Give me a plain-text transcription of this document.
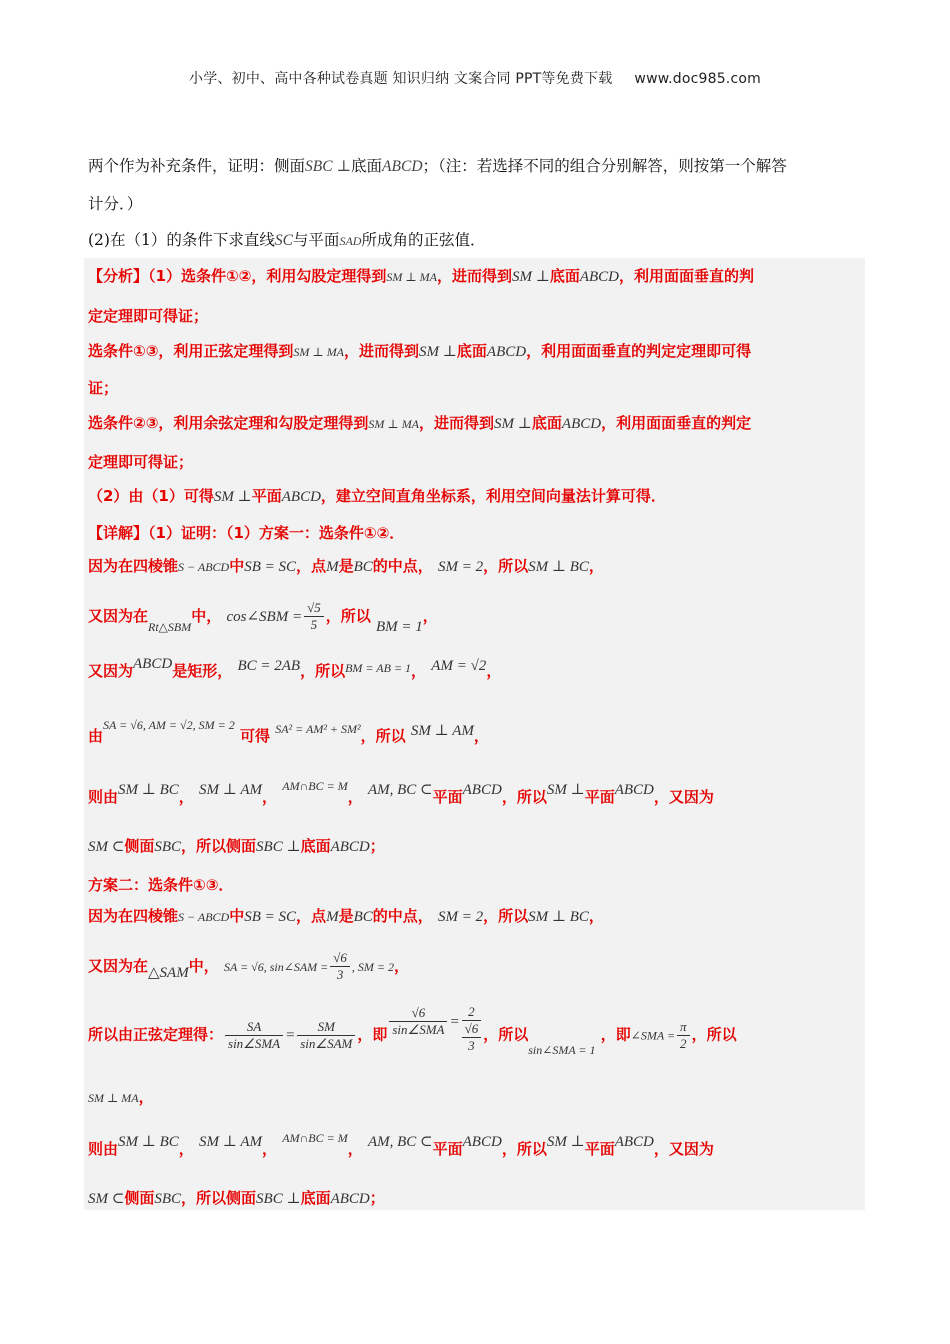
小学、初中、高中各种试卷真题 知识归纳 文案合同 PPT等免费下载 www.doc985.com
两个作为补充条件，证明：侧面SBC ⊥底面ABCD；（注：若选择不同的组合分别解答，则按第一个解答
计分．）
(2)在（1）的条件下求直线SC与平面SAD所成角的正弦值．
【分析】（1）选条件①②，利用勾股定理得到SM ⊥ MA，进而得到SM ⊥底面ABCD，利用面面垂直的判
定定理即可得证；
选条件①③，利用正弦定理得到SM ⊥ MA，进而得到SM ⊥底面ABCD，利用面面垂直的判定定理即可得
证；
选条件②③，利用余弦定理和勾股定理得到SM ⊥ MA，进而得到SM ⊥底面ABCD，利用面面垂直的判定
定理即可得证；
（2）由（1）可得SM ⊥平面ABCD，建立空间直角坐标系，利用空间向量法计算可得．
【详解】（1）证明：（1）方案一：选条件①②．
因为在四棱锥S − ABCD中SB = SC，点M是BC的中点， SM = 2，所以SM ⊥ BC，
又因为在$_{Rt\triangle SBM}$中， cos∠SBM = $\frac{√5}{5}$ ，所以 BM = 1，
又因为ABCD是矩形， BC = 2AB，所以$^{BM = AB = 1}$， AM = √2，
由$^{SA = √6, AM = √2, SM = 2}$ 可得 $^{SA^2 = AM^2 + SM^2}$，所以 SM ⊥ AM，
则由SM ⊥ BC， SM ⊥ AM， $^{AM\cap BC = M}$， AM, BC ⊂平面ABCD，所以SM ⊥平面ABCD，又因为
SM ⊂侧面SBC，所以侧面SBC ⊥底面ABCD；
方案二：选条件①③．
因为在四棱锥S − ABCD中SB = SC，点M是BC的中点， SM = 2，所以SM ⊥ BC，
又因为在△SAM中， SA = √6, sin∠SAM = $\frac{√6}{3}$ , SM = 2，
所以由正弦定理得： $\frac{SA}{\text{sin∠SMA}} = \frac{SM}{\text{sin∠SAM}}$ ，即 $\frac{√6}{\text{sin∠SMA}}$ =
2
√6
3
，所以$_{sin\angle SMA = 1}$ ，即∠SMA = $\frac{\pi}{2}$ ，所以
SM ⊥ MA，
则由SM ⊥ BC， SM ⊥ AM， $^{AM\cap BC = M}$， AM, BC ⊂平面ABCD，所以SM ⊥平面ABCD，又因为
SM ⊂侧面SBC，所以侧面SBC ⊥底面ABCD；
